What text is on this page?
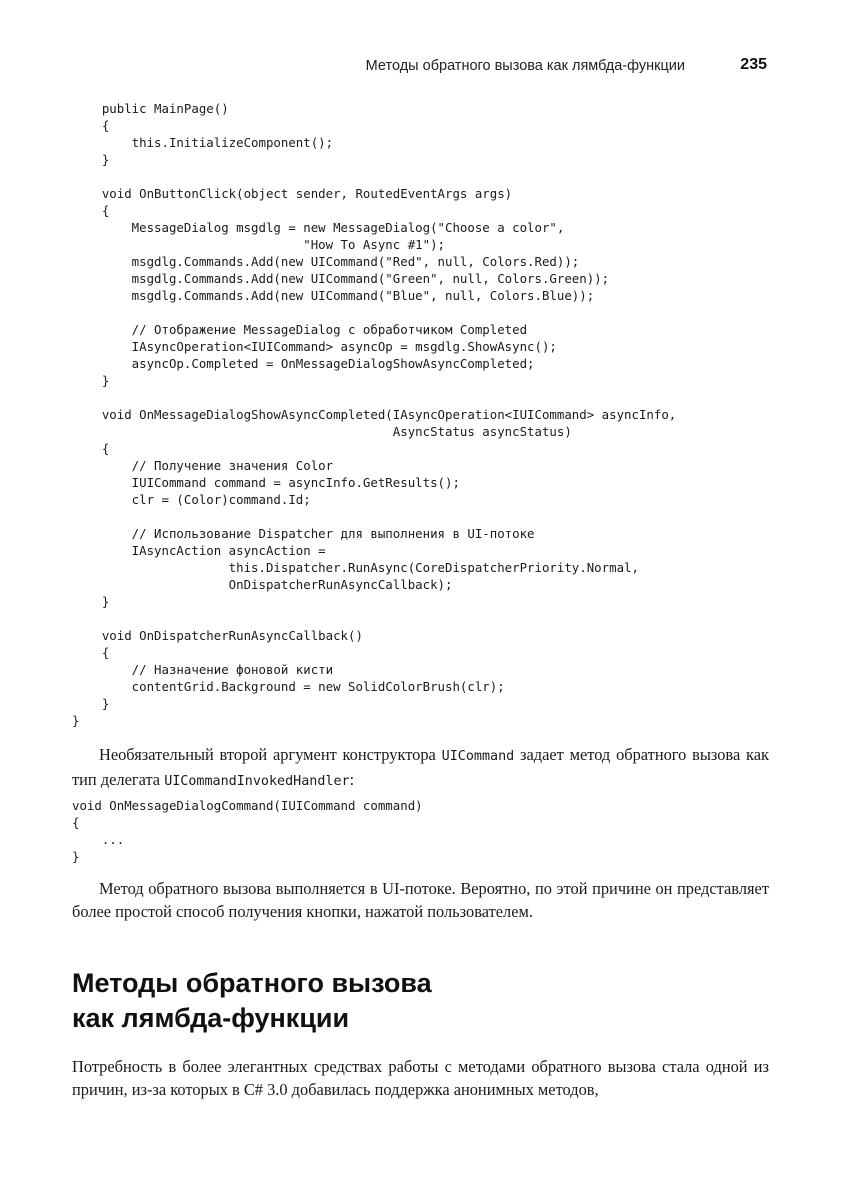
Методы обратного вызова как лямбда-функции	235
public MainPage()
{
this.InitializeComponent();
}

void OnButtonClick(object sender, RoutedEventArgs args)
{
MessageDialog msgdlg = new MessageDialog("Choose a color",
"How To Async #1");
msgdlg.Commands.Add(new UICommand("Red", null, Colors.Red));
msgdlg.Commands.Add(new UICommand("Green", null, Colors.Green));
msgdlg.Commands.Add(new UICommand("Blue", null, Colors.Blue));

// Отображение MessageDialog с обработчиком Completed
IAsyncOperation<IUICommand> asyncOp = msgdlg.ShowAsync();
asyncOp.Completed = OnMessageDialogShowAsyncCompleted;
}

void OnMessageDialogShowAsyncCompleted(IAsyncOperation<IUICommand> asyncInfo,
AsyncStatus asyncStatus)
{
// Получение значения Color
IUICommand command = asyncInfo.GetResults();
clr = (Color)command.Id;

// Использование Dispatcher для выполнения в UI-потоке
IAsyncAction asyncAction =
this.Dispatcher.RunAsync(CoreDispatcherPriority.Normal,
OnDispatcherRunAsyncCallback);
}

void OnDispatcherRunAsyncCallback()
{
// Назначение фоновой кисти
contentGrid.Background = new SolidColorBrush(clr);
}
}

Необязательный второй аргумент конструктора UICommand задает метод обратного вызова как тип делегата UICommandInvokedHandler:

void OnMessageDialogCommand(IUICommand command)
{
...
}

Метод обратного вызова выполняется в UI-потоке. Вероятно, по этой причине он представляет более простой способ получения кнопки, нажатой пользователем.

Методы обратного вызова
как лямбда-функции

Потребность в более элегантных средствах работы с методами обратного вызова стала одной из причин, из-за которых в C# 3.0 добавилась поддержка анонимных методов,
